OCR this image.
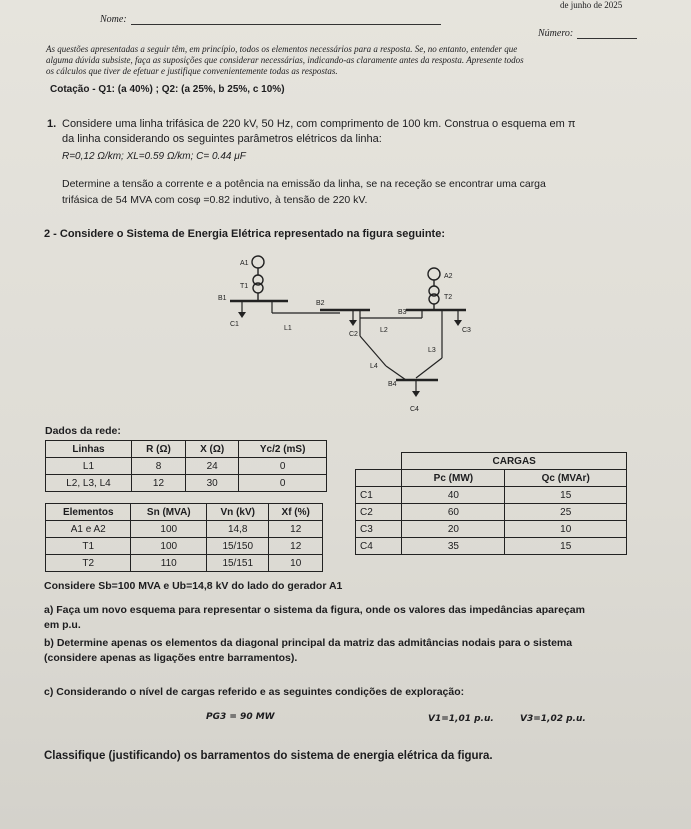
de junho de 2025
Nome:
Número:
As questões apresentadas a seguir têm, em princípio, todos os elementos necessários para a resposta. Se, no entanto, entender que
alguma dúvida subsiste, faça as suposições que considerar necessárias, indicando-as claramente antes da resposta. Apresente todos
os cálculos que tiver de efetuar e justifique convenientemente todas as respostas.
Cotação - Q1: (a 40%) ; Q2: (a 25%, b 25%, c 10%)
1. Considere uma linha trifásica de 220 kV, 50 Hz, com comprimento de 100 km. Construa o esquema em π
da linha considerando os seguintes parâmetros elétricos da linha:
R=0,12 Ω/km; XL=0.59 Ω/km; C= 0.44 μF
Determine a tensão a corrente e a potência na emissão da linha, se na receção se encontrar uma carga
trifásica de 54 MVA com cosφ =0.82 indutivo, à tensão de 220 kV.
2 - Considere o Sistema de Energia Elétrica representado na figura seguinte:
A1
T1
B1
C1
L1
B2
C2
L2
A2
T2
B3
C3
L3
L4
B4
C4
Dados da rede:
Linhas	R (Ω)	X (Ω)	Yc/2 (mS)
L1	8	24	0
L2, L3, L4	12	30	0
Elementos	Sn (MVA)	Vn (kV)	Xf (%)
A1 e A2	100	14,8	12
T1	100	15/150	12
T2	110	15/151	10
	CARGAS	
	Pc (MW)	Qc (MVAr)
C1	40	15
C2	60	25
C3	20	10
C4	35	15
Considere Sb=100 MVA e Ub=14,8 kV do lado do gerador A1
a) Faça um novo esquema para representar o sistema da figura, onde os valores das impedâncias apareçam
em p.u.
b) Determine apenas os elementos da diagonal principal da matriz das admitâncias nodais para o sistema
(considere apenas as ligações entre barramentos).
c) Considerando o nível de cargas referido e as seguintes condições de exploração:
PG3 = 90 MW	V1=1,01 p.u.	V3=1,02 p.u.
Classifique (justificando) os barramentos do sistema de energia elétrica da figura.
